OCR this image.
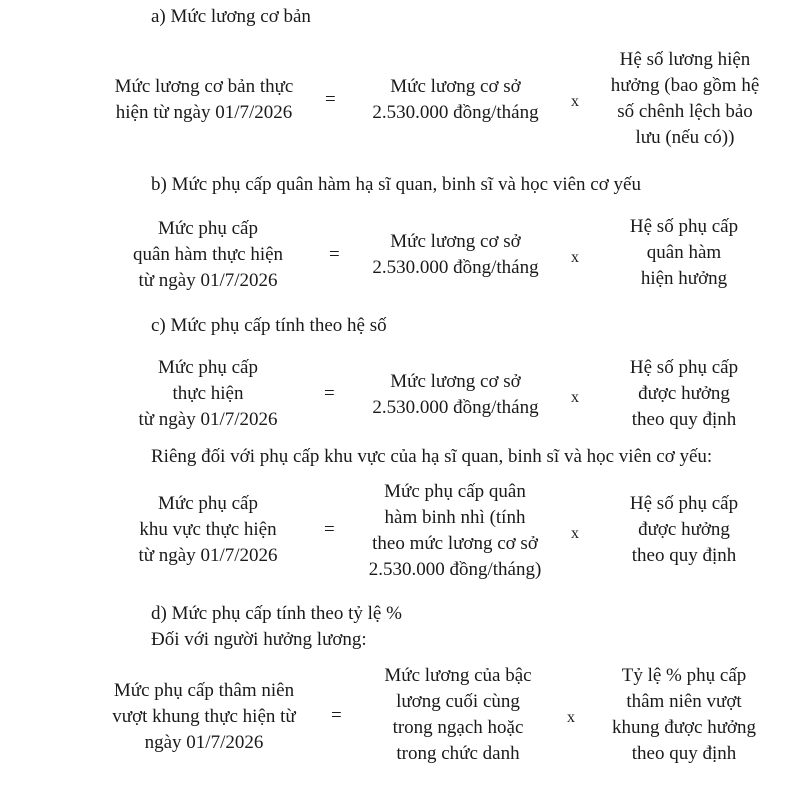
a) Mức lương cơ bản
Mức lương cơ bản thực
hiện từ ngày 01/7/2026
=
Mức lương cơ sở
2.530.000 đồng/tháng
x
Hệ số lương hiện
hưởng (bao gồm hệ
số chênh lệch bảo
lưu (nếu có))
b) Mức phụ cấp quân hàm hạ sĩ quan, binh sĩ và học viên cơ yếu
Mức phụ cấp
quân hàm thực hiện
từ ngày 01/7/2026
=
Mức lương cơ sở
2.530.000 đồng/tháng	x
Hệ số phụ cấp
quân hàm
hiện hưởng
c) Mức phụ cấp tính theo hệ số
Mức phụ cấp
thực hiện
từ ngày 01/7/2026
=
Mức lương cơ sở
2.530.000 đồng/tháng	x
Hệ số phụ cấp
được hưởng
theo quy định
Riêng đối với phụ cấp khu vực của hạ sĩ quan, binh sĩ và học viên cơ yếu:
Mức phụ cấp
khu vực thực hiện
từ ngày 01/7/2026
=
Mức phụ cấp quân
hàm binh nhì (tính
theo mức lương cơ sở
2.530.000 đồng/tháng)
x
Hệ số phụ cấp
được hưởng
theo quy định
d) Mức phụ cấp tính theo tỷ lệ %
Đối với người hưởng lương:
Mức phụ cấp thâm niên
vượt khung thực hiện từ
ngày 01/7/2026
=
Mức lương của bậc
lương cuối cùng
trong ngạch hoặc
trong chức danh
x
Tỷ lệ % phụ cấp
thâm niên vượt
khung được hưởng
theo quy định
